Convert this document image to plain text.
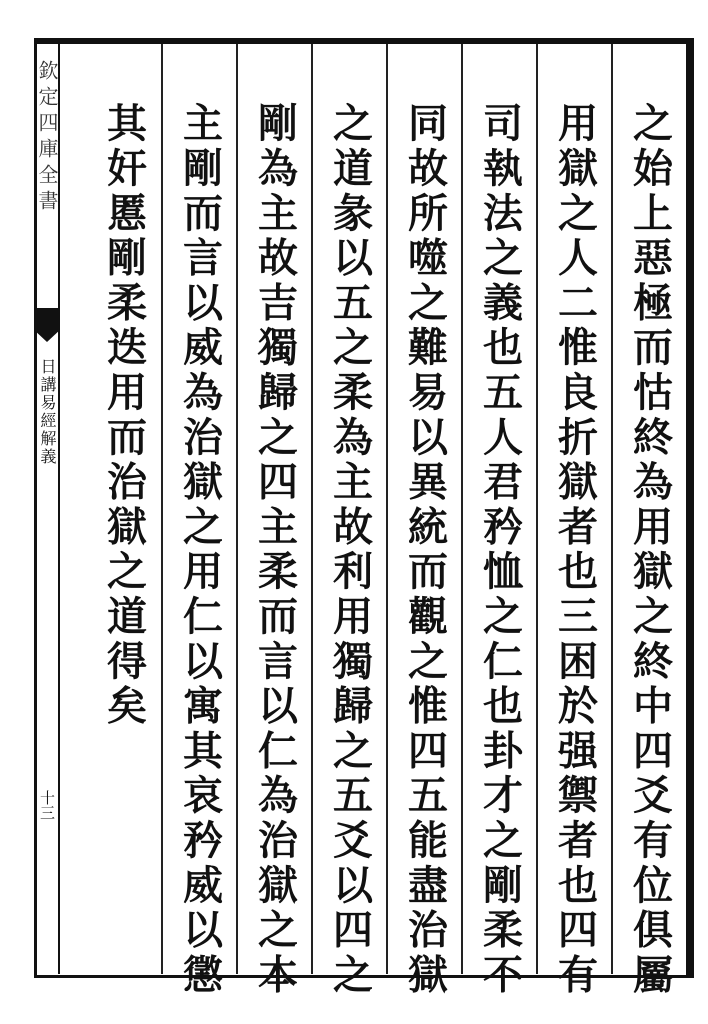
欽定四庫全書
日講易經解義
十三	之始上惡極而怙終為用獄之終中四爻有位俱屬
用獄之人二惟良折獄者也三困於强禦者也四有
司執法之義也五人君矜恤之仁也卦才之剛柔不
同故所噬之難易以異統而觀之惟四五能盡治獄
之道彖以五之柔為主故利用獨歸之五爻以四之
剛為主故吉獨歸之四主柔而言以仁為治獄之本
主剛而言以威為治獄之用仁以寓其哀矜威以懲
其奸慝剛柔迭用而治獄之道得矣
